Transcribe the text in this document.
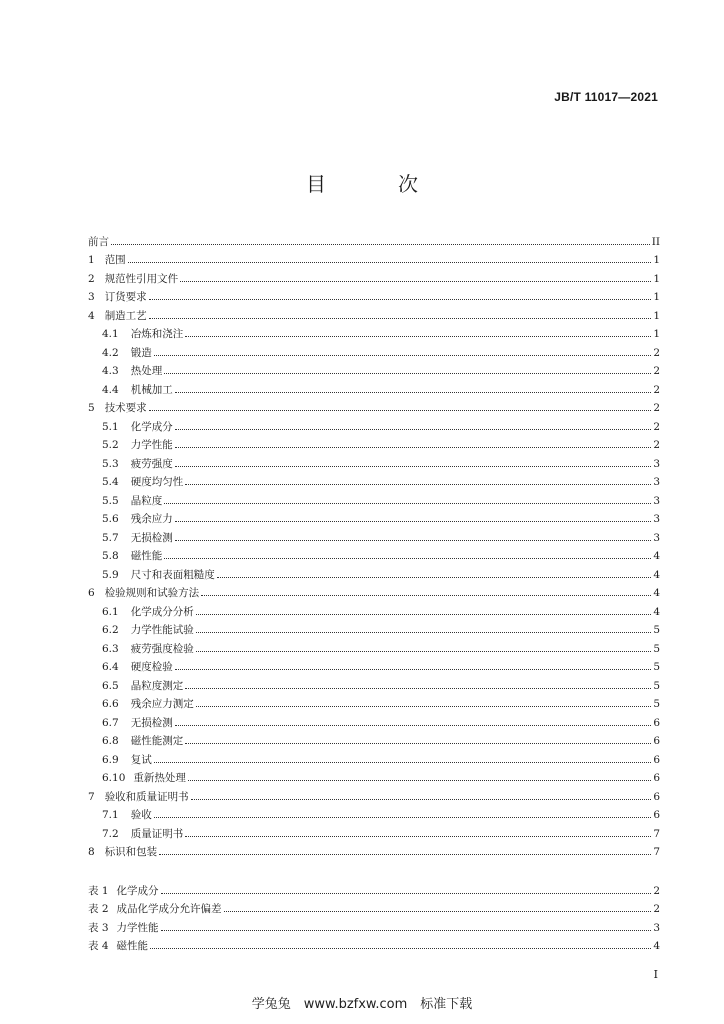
JB/T 11017—2021
目　次
前言	II
1 范围	1
2 规范性引用文件	1
3 订货要求	1
4 制造工艺	1
4.1 冶炼和浇注	1
4.2 锻造	2
4.3 热处理	2
4.4 机械加工	2
5 技术要求	2
5.1 化学成分	2
5.2 力学性能	2
5.3 疲劳强度	3
5.4 硬度均匀性	3
5.5 晶粒度	3
5.6 残余应力	3
5.7 无损检测	3
5.8 磁性能	4
5.9 尺寸和表面粗糙度	4
6 检验规则和试验方法	4
6.1 化学成分分析	4
6.2 力学性能试验	5
6.3 疲劳强度检验	5
6.4 硬度检验	5
6.5 晶粒度测定	5
6.6 残余应力测定	5
6.7 无损检测	6
6.8 磁性能测定	6
6.9 复试	6
6.10 重新热处理	6
7 验收和质量证明书	6
7.1 验收	6
7.2 质量证明书	7
8 标识和包装	7
表 1 化学成分	2
表 2 成品化学成分允许偏差	2
表 3 力学性能	3
表 4 磁性能	4
I
学兔兔　www.bzfxw.com　标准下载
